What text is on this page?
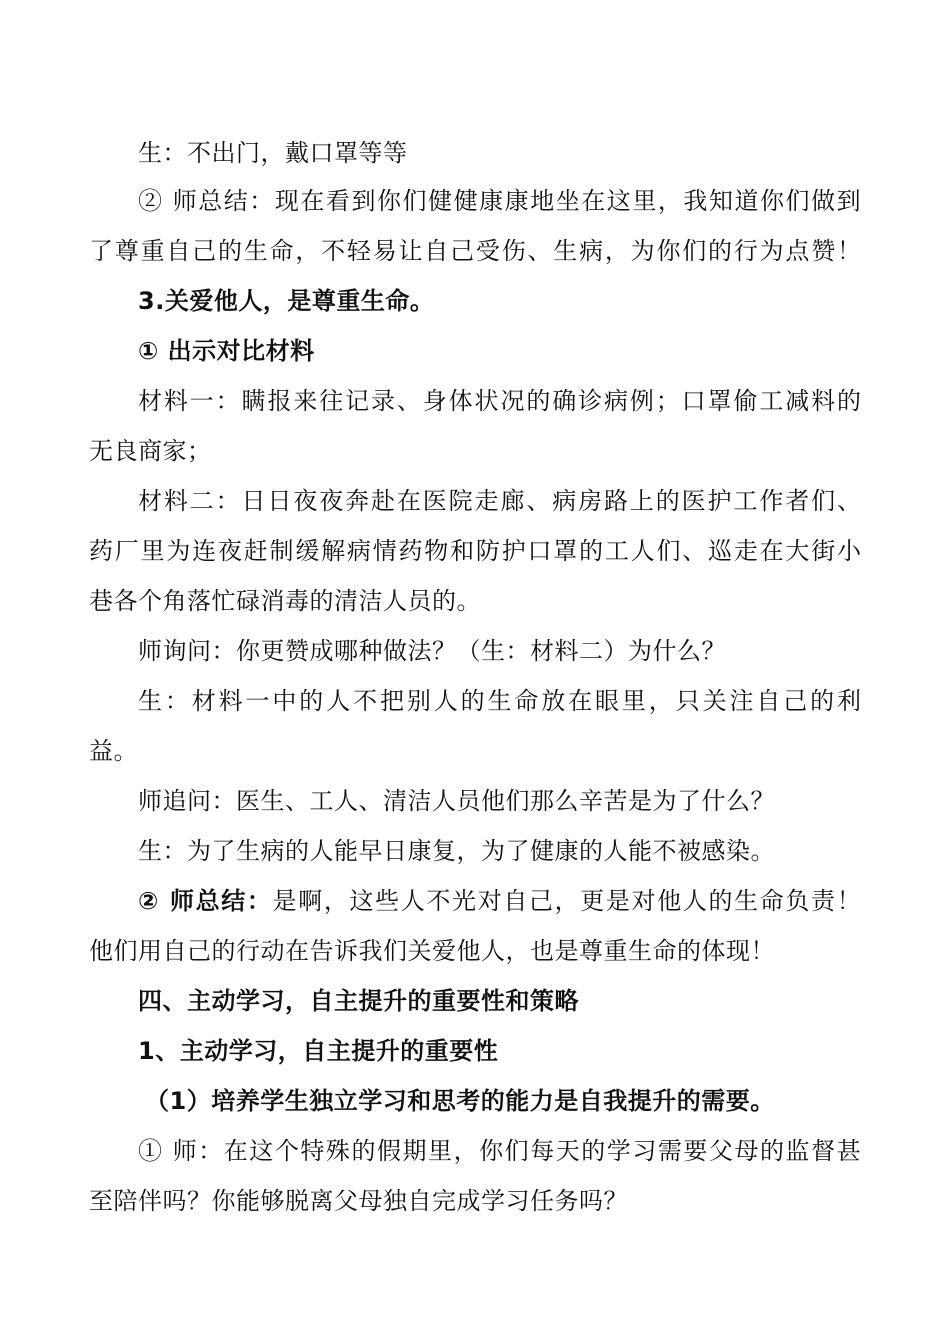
生：不出门，戴口罩等等

② 师总结：现在看到你们健健康康地坐在这里，我知道你们做到

了尊重自己的生命，不轻易让自己受伤、生病，为你们的行为点赞！

3.关爱他人，是尊重生命。

① 出示对比材料

材料一：瞒报来往记录、身体状况的确诊病例；口罩偷工减料的

无良商家；

材料二：日日夜夜奔赴在医院走廊、病房路上的医护工作者们、

药厂里为连夜赶制缓解病情药物和防护口罩的工人们、巡走在大街小

巷各个角落忙碌消毒的清洁人员的。

师询问：你更赞成哪种做法？（生：材料二）为什么？

生：材料一中的人不把别人的生命放在眼里，只关注自己的利

益。

师追问：医生、工人、清洁人员他们那么辛苦是为了什么？

生：为了生病的人能早日康复，为了健康的人能不被感染。

② 师总结：是啊，这些人不光对自己，更是对他人的生命负责！

他们用自己的行动在告诉我们关爱他人，也是尊重生命的体现！

四、主动学习，自主提升的重要性和策略

1、主动学习，自主提升的重要性

（1）培养学生独立学习和思考的能力是自我提升的需要。

① 师：在这个特殊的假期里，你们每天的学习需要父母的监督甚

至陪伴吗？你能够脱离父母独自完成学习任务吗？
